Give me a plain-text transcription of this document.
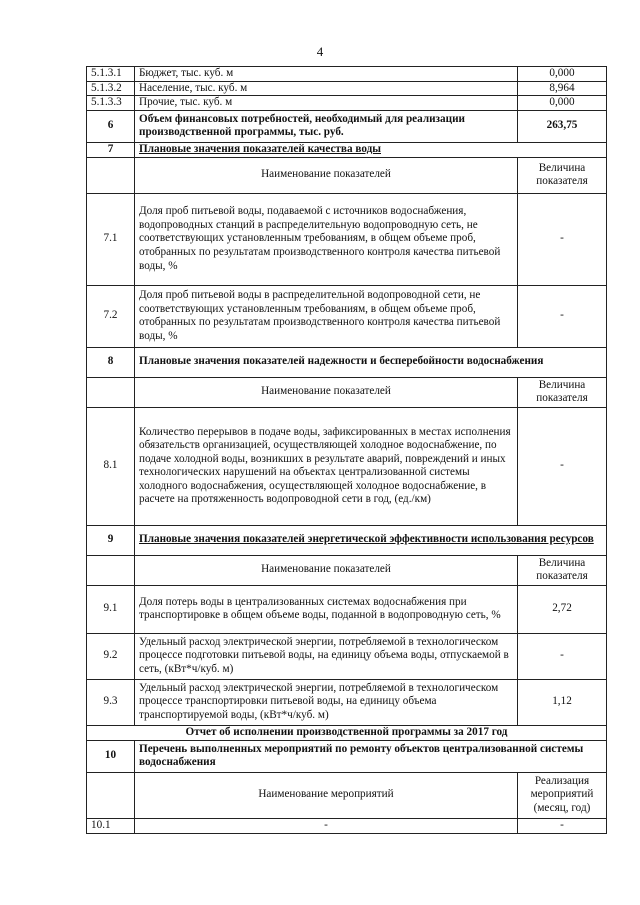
4
5.1.3.1	Бюджет, тыс. куб. м	0,000
5.1.3.2	Население, тыс. куб. м	8,964
5.1.3.3	Прочие, тыс. куб. м	0,000
6	Объем финансовых потребностей, необходимый для реализации производственной программы, тыс. руб.	263,75
7	Плановые значения показателей качества воды	
	Наименование показателей	Величина показателя
7.1	Доля проб питьевой воды, подаваемой с источников водоснабжения, водопроводных станций в распределительную водопроводную сеть, не соответствующих установленным требованиям, в общем объеме проб, отобранных по результатам производственного контроля качества питьевой воды, %	-
7.2	Доля проб питьевой воды в распределительной водопроводной сети, не соответствующих установленным требованиям, в общем объеме проб, отобранных по результатам производственного контроля качества питьевой воды, %	-
8	Плановые значения показателей надежности и бесперебойности водоснабжения	
	Наименование показателей	Величина показателя
8.1	Количество перерывов в подаче воды, зафиксированных в местах исполнения обязательств организацией, осуществляющей холодное водоснабжение, по подаче холодной воды, возникших в результате аварий, повреждений и иных технологических нарушений на объектах централизованной системы холодного водоснабжения, осуществляющей холодное водоснабжение, в расчете на протяженность водопроводной сети в год, (ед./км)	-
9	Плановые значения показателей энергетической эффективности использования ресурсов	
	Наименование показателей	Величина показателя
9.1	Доля потерь воды в централизованных системах водоснабжения при транспортировке в общем объеме воды, поданной в водопроводную сеть, %	2,72
9.2	Удельный расход электрической энергии, потребляемой в технологическом процессе подготовки питьевой воды, на единицу объема воды, отпускаемой в сеть, (кВт*ч/куб. м)	-
9.3	Удельный расход электрической энергии, потребляемой в технологическом процессе транспортировки питьевой воды, на единицу объема транспортируемой воды, (кВт*ч/куб. м)	1,12
Отчет об исполнении производственной программы за 2017 год		
10	Перечень выполненных мероприятий по ремонту объектов централизованной системы водоснабжения	
	Наименование мероприятий	Реализация мероприятий (месяц, год)
10.1	-	-
